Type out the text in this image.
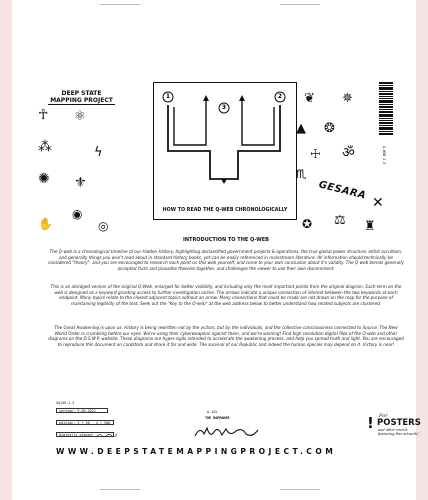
DEEP STATE
MAPPING PROJECT
☥ ⚛
⁂	ϟ
✺ ⚜
✋
◉
◎
1	2
3
HOW TO READ THE Q-WEB CHRONOLOGICALLY
❦ ✵
▲ ❂
☩ ॐ
♏
GESARA
✕
✪ ⚖ ♜
Q-WEB 2.5
INTRODUCTION TO THE Q-WEB

The Q-web is a chronological timeline of our Hidden History, highlighting declassified government projects & operations, the true global power structure, elitist occultism, and generally things you won't read about in standard history books, yet can be easily referenced in mainstream literature. All information should technically be considered "theory", and you are encouraged to research each point on this web yourself, and come to your own conclusion about it's validity. The Q-web blends generally accepted facts and plausible theories together, and challenges the viewer to use their own discernment.

This is an abridged version of the original Q-Web, enlarged for better visibility, and including only the most important points from the original diagram. Each term on the web is designed as a keyword granting access to further investigation online. The arrows indicate a unique connection of interest between the two keywords at each endpoint. Many topics relate to the closest adjacent topics without an arrow. Many connections that could be made are not drawn on the map for the purpose of maintaining legibility of the text. Seek out the "Key to the Q-web" at the web address below to better understand how related subjects are clustered.

The Great Awakening is upon us. History is being rewritten not by the victors, but by the individuals, and the collective consciousness connected to Source. The New World Order is crumbling before our eyes. We're using their cyberweapons against them, and we're winning! Find high resolution digital files of the Q-web and other diagrams on the D.S.M.P. website. These diagrams are hyper-sigils intended to accelerate the awakening process, and help you spread truth and light. You are encouraged to reproduce this document on cardstock and share it far and wide. The survival of our Republic and indeed the human species may depend on it. Victory is near!

VQ159-2.5
version: 9.05.2022
edition: 5 * 30 _ 4 / 300
digitally signed:
A-145
THE MAPMAKER
WWW.DEEPSTATEMAPPINGPROJECT.COM
! For
POSTERS
and other merch featuring this artwork!
